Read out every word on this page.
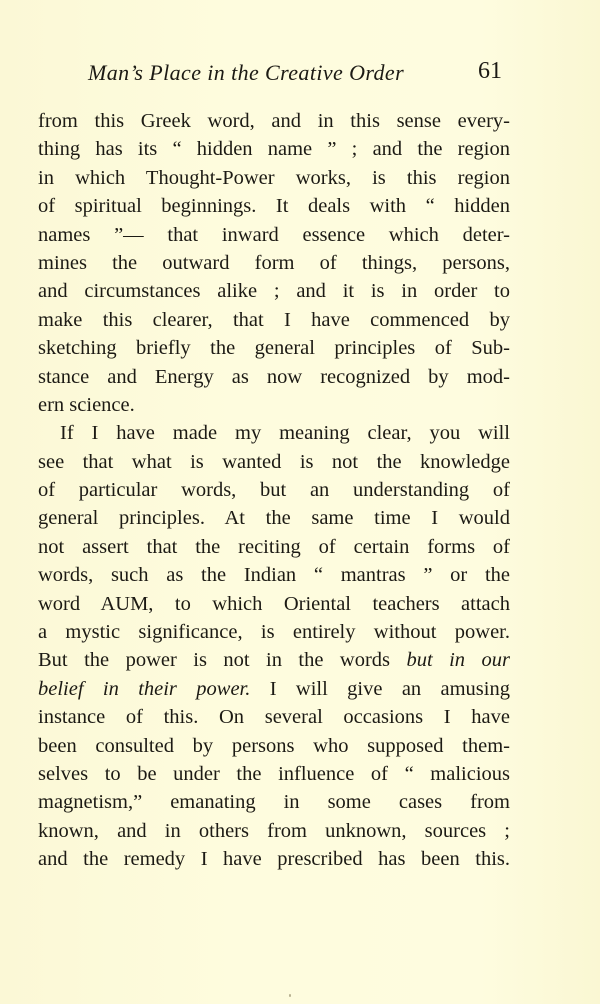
Man’s Place in the Creative Order	61
from this Greek word, and in this sense every-
thing has its “ hidden name ” ; and the region
in which Thought-Power works, is this region
of spiritual beginnings. It deals with “ hidden
names ”— that inward essence which deter-
mines the outward form of things, persons,
and circumstances alike ; and it is in order to
make this clearer, that I have commenced by
sketching briefly the general principles of Sub-
stance and Energy as now recognized by mod-
ern science.
If I have made my meaning clear, you will
see that what is wanted is not the knowledge
of particular words, but an understanding of
general principles. At the same time I would
not assert that the reciting of certain forms of
words, such as the Indian “ mantras ” or the
word AUM, to which Oriental teachers attach
a mystic significance, is entirely without power.
But the power is not in the words but in our
belief in their power. I will give an amusing
instance of this. On several occasions I have
been consulted by persons who supposed them-
selves to be under the influence of “ malicious
magnetism,” emanating in some cases from
known, and in others from unknown, sources ;
and the remedy I have prescribed has been this.
